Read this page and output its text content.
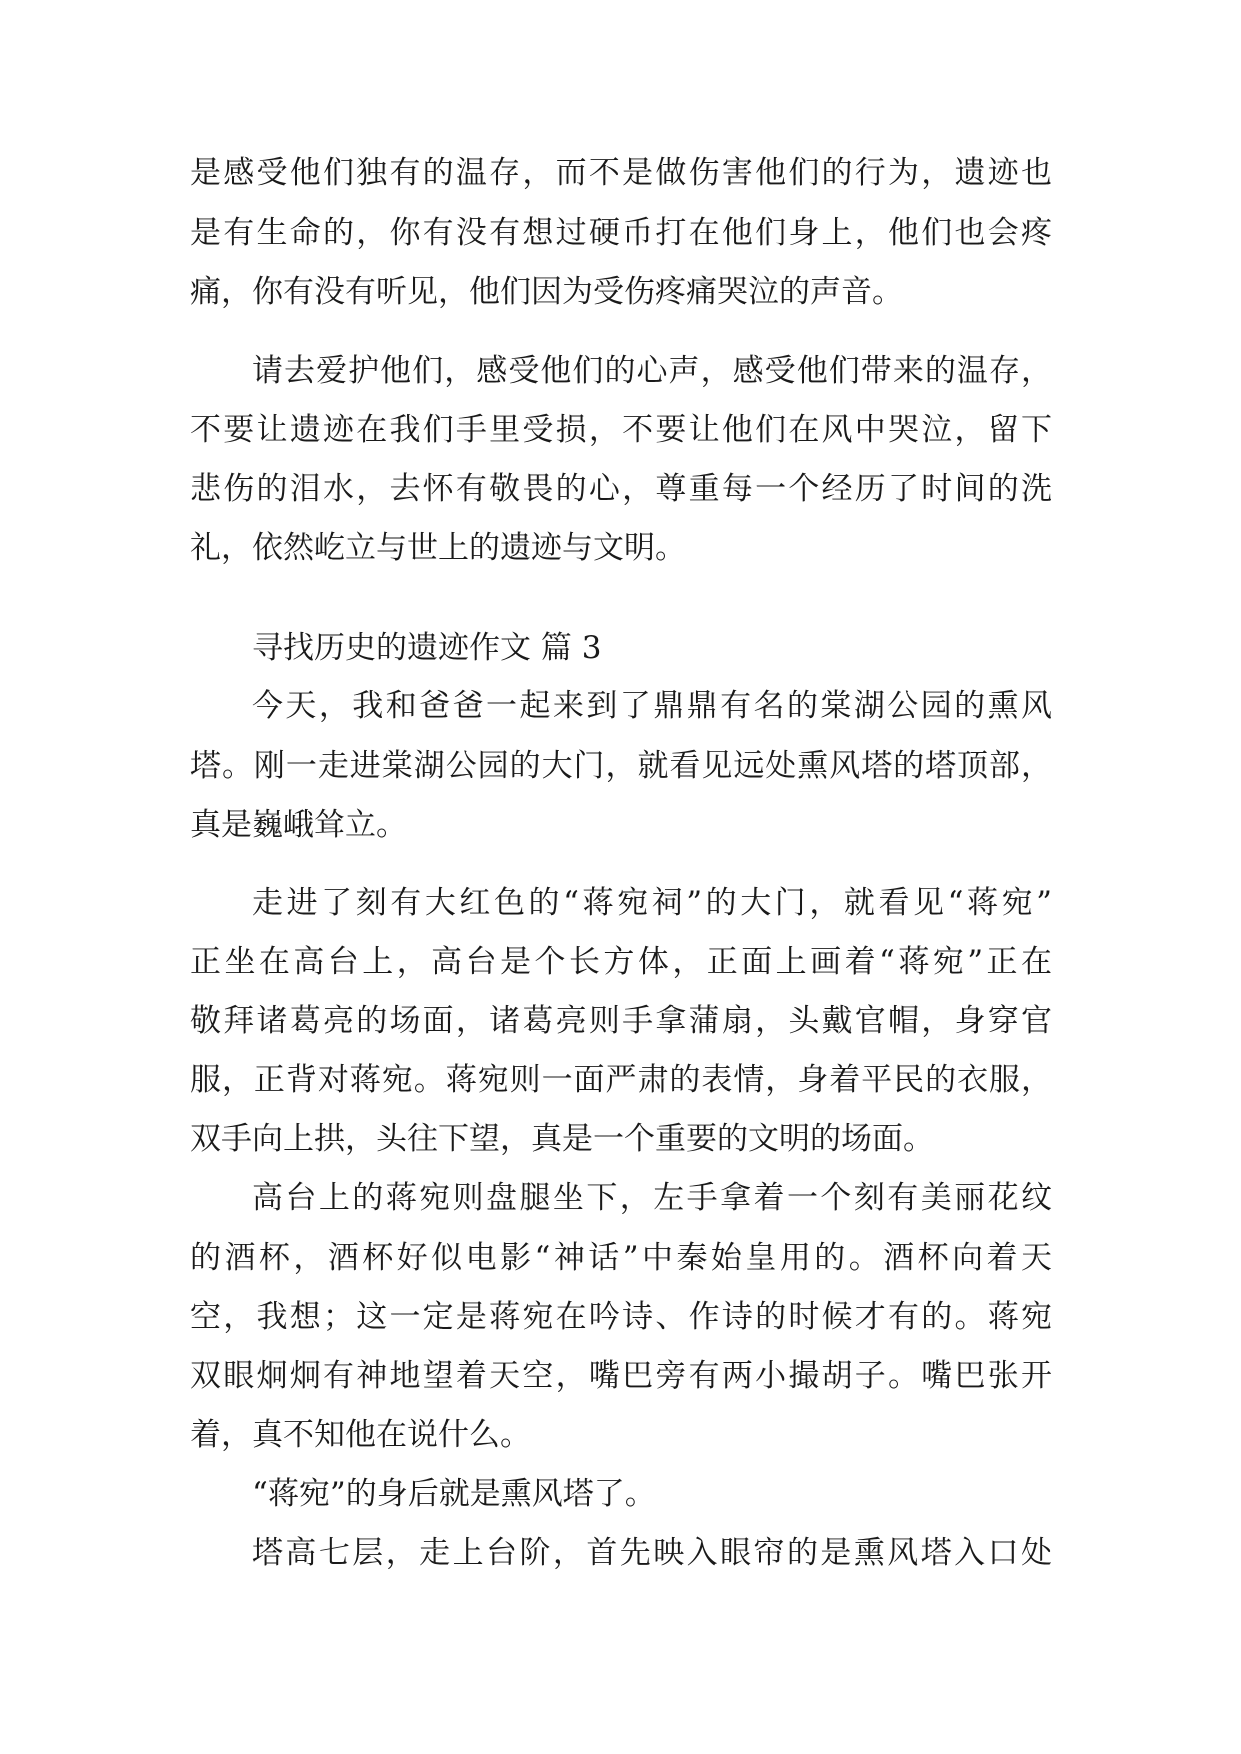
是感受他们独有的温存，而不是做伤害他们的行为，遗迹也
是有生命的，你有没有想过硬币打在他们身上，他们也会疼
痛，你有没有听见，他们因为受伤疼痛哭泣的声音。
请去爱护他们，感受他们的心声，感受他们带来的温存，
不要让遗迹在我们手里受损，不要让他们在风中哭泣，留下
悲伤的泪水，去怀有敬畏的心，尊重每一个经历了时间的洗
礼，依然屹立与世上的遗迹与文明。
寻找历史的遗迹作文 篇 3
今天，我和爸爸一起来到了鼎鼎有名的棠湖公园的熏风
塔。刚一走进棠湖公园的大门，就看见远处熏风塔的塔顶部，
真是巍峨耸立。
走进了刻有大红色的“蒋宛祠”的大门，就看见“蒋宛”
正坐在高台上，高台是个长方体，正面上画着“蒋宛”正在
敬拜诸葛亮的场面，诸葛亮则手拿蒲扇，头戴官帽，身穿官
服，正背对蒋宛。蒋宛则一面严肃的表情，身着平民的衣服，
双手向上拱，头往下望，真是一个重要的文明的场面。
高台上的蒋宛则盘腿坐下，左手拿着一个刻有美丽花纹
的酒杯，酒杯好似电影“神话”中秦始皇用的。酒杯向着天
空，我想；这一定是蒋宛在吟诗、作诗的时候才有的。蒋宛
双眼炯炯有神地望着天空，嘴巴旁有两小撮胡子。嘴巴张开
着，真不知他在说什么。
“蒋宛”的身后就是熏风塔了。
塔高七层，走上台阶，首先映入眼帘的是熏风塔入口处
